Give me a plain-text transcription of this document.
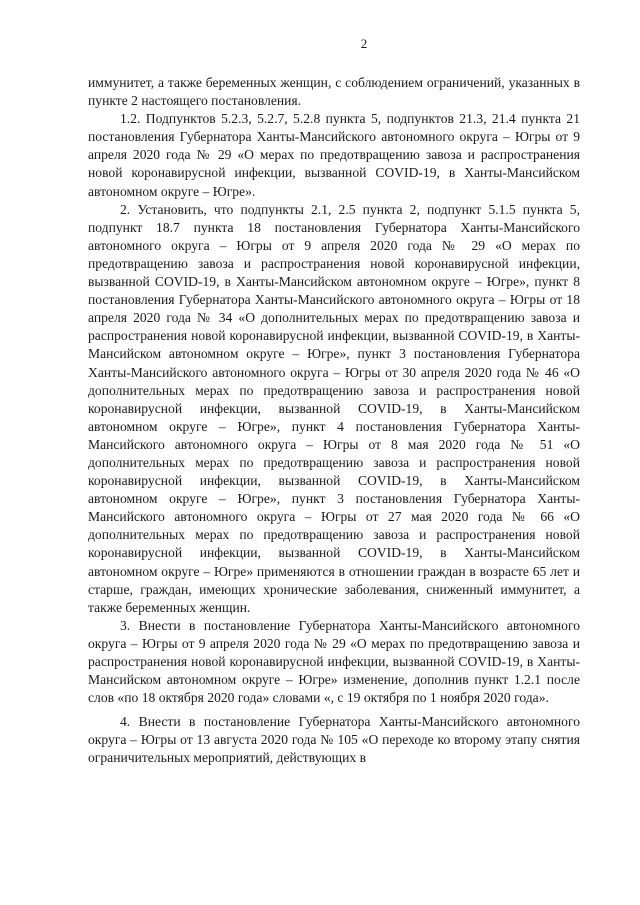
2

иммунитет, а также беременных женщин, с соблюдением ограничений, указанных в пункте 2 настоящего постановления.

1.2. Подпунктов 5.2.3, 5.2.7, 5.2.8 пункта 5, подпунктов 21.3, 21.4 пункта 21 постановления Губернатора Ханты-Мансийского автономного округа – Югры от 9 апреля 2020 года № 29 «О мерах по предотвращению завоза и распространения новой коронавирусной инфекции, вызванной COVID-19, в Ханты-Мансийском автономном округе – Югре».

2. Установить, что подпункты 2.1, 2.5 пункта 2, подпункт 5.1.5 пункта 5, подпункт 18.7 пункта 18 постановления Губернатора Ханты-Мансийского автономного округа – Югры от 9 апреля 2020 года № 29 «О мерах по предотвращению завоза и распространения новой коронавирусной инфекции, вызванной COVID-19, в Ханты-Мансийском автономном округе – Югре», пункт 8 постановления Губернатора Ханты-Мансийского автономного округа – Югры от 18 апреля 2020 года № 34 «О дополнительных мерах по предотвращению завоза и распространения новой коронавирусной инфекции, вызванной COVID-19, в Ханты-Мансийском автономном округе – Югре», пункт 3 постановления Губернатора Ханты-Мансийского автономного округа – Югры от 30 апреля 2020 года № 46 «О дополнительных мерах по предотвращению завоза и распространения новой коронавирусной инфекции, вызванной COVID-19, в Ханты-Мансийском автономном округе – Югре», пункт 4 постановления Губернатора Ханты-Мансийского автономного округа – Югры от 8 мая 2020 года № 51 «О дополнительных мерах по предотвращению завоза и распространения новой коронавирусной инфекции, вызванной COVID-19, в Ханты-Мансийском автономном округе – Югре», пункт 3 постановления Губернатора Ханты-Мансийского автономного округа – Югры от 27 мая 2020 года № 66 «О дополнительных мерах по предотвращению завоза и распространения новой коронавирусной инфекции, вызванной COVID-19, в Ханты-Мансийском автономном округе – Югре» применяются в отношении граждан в возрасте 65 лет и старше, граждан, имеющих хронические заболевания, сниженный иммунитет, а также беременных женщин.

3. Внести в постановление Губернатора Ханты-Мансийского автономного округа – Югры от 9 апреля 2020 года № 29 «О мерах по предотвращению завоза и распространения новой коронавирусной инфекции, вызванной COVID-19, в Ханты-Мансийском автономном округе – Югре» изменение, дополнив пункт 1.2.1 после слов «по 18 октября 2020 года» словами «, с 19 октября по 1 ноября 2020 года».

4. Внести в постановление Губернатора Ханты-Мансийского автономного округа – Югры от 13 августа 2020 года № 105 «О переходе ко второму этапу снятия ограничительных мероприятий, действующих в
